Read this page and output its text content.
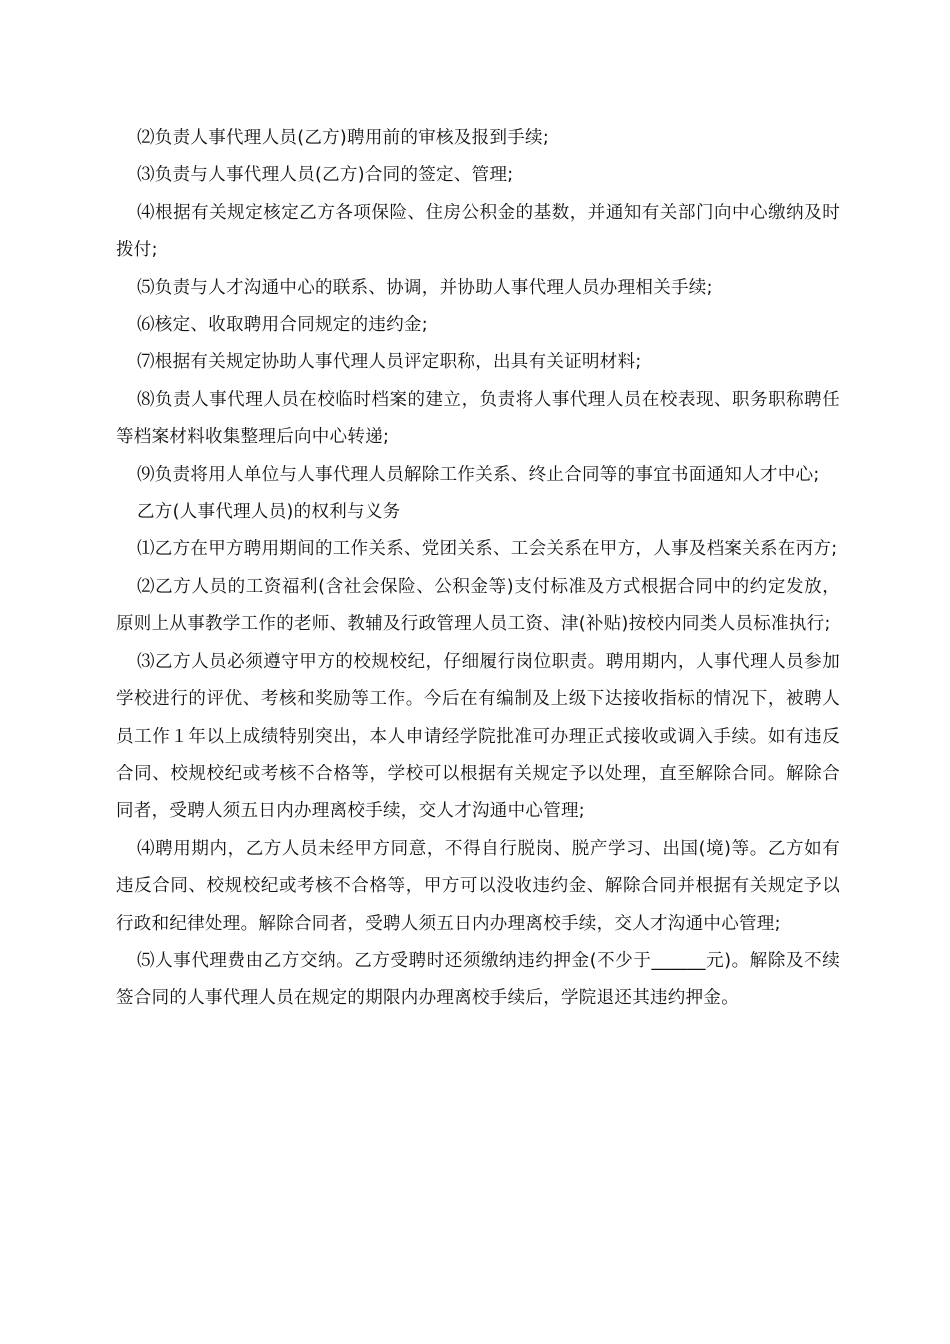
⑵负责人事代理人员(乙方)聘用前的审核及报到手续;

⑶负责与人事代理人员(乙方)合同的签定、管理;

⑷根据有关规定核定乙方各项保险、住房公积金的基数，并通知有关部门向中心缴纳及时拨付;

⑸负责与人才沟通中心的联系、协调，并协助人事代理人员办理相关手续;

⑹核定、收取聘用合同规定的违约金;

⑺根据有关规定协助人事代理人员评定职称，出具有关证明材料;

⑻负责人事代理人员在校临时档案的建立，负责将人事代理人员在校表现、职务职称聘任等档案材料收集整理后向中心转递;

⑼负责将用人单位与人事代理人员解除工作关系、终止合同等的事宜书面通知人才中心;

乙方(人事代理人员)的权利与义务

⑴乙方在甲方聘用期间的工作关系、党团关系、工会关系在甲方，人事及档案关系在丙方;

⑵乙方人员的工资福利(含社会保险、公积金等)支付标准及方式根据合同中的约定发放，原则上从事教学工作的老师、教辅及行政管理人员工资、津(补贴)按校内同类人员标准执行;

⑶乙方人员必须遵守甲方的校规校纪，仔细履行岗位职责。聘用期内，人事代理人员参加学校进行的评优、考核和奖励等工作。今后在有编制及上级下达接收指标的情况下，被聘人员工作１年以上成绩特别突出，本人申请经学院批准可办理正式接收或调入手续。如有违反合同、校规校纪或考核不合格等，学校可以根据有关规定予以处理，直至解除合同。解除合同者，受聘人须五日内办理离校手续，交人才沟通中心管理;

⑷聘用期内，乙方人员未经甲方同意，不得自行脱岗、脱产学习、出国(境)等。乙方如有违反合同、校规校纪或考核不合格等，甲方可以没收违约金、解除合同并根据有关规定予以行政和纪律处理。解除合同者，受聘人须五日内办理离校手续，交人才沟通中心管理;

⑸人事代理费由乙方交纳。乙方受聘时还须缴纳违约押金(不少于______元)。解除及不续签合同的人事代理人员在规定的期限内办理离校手续后，学院退还其违约押金。
